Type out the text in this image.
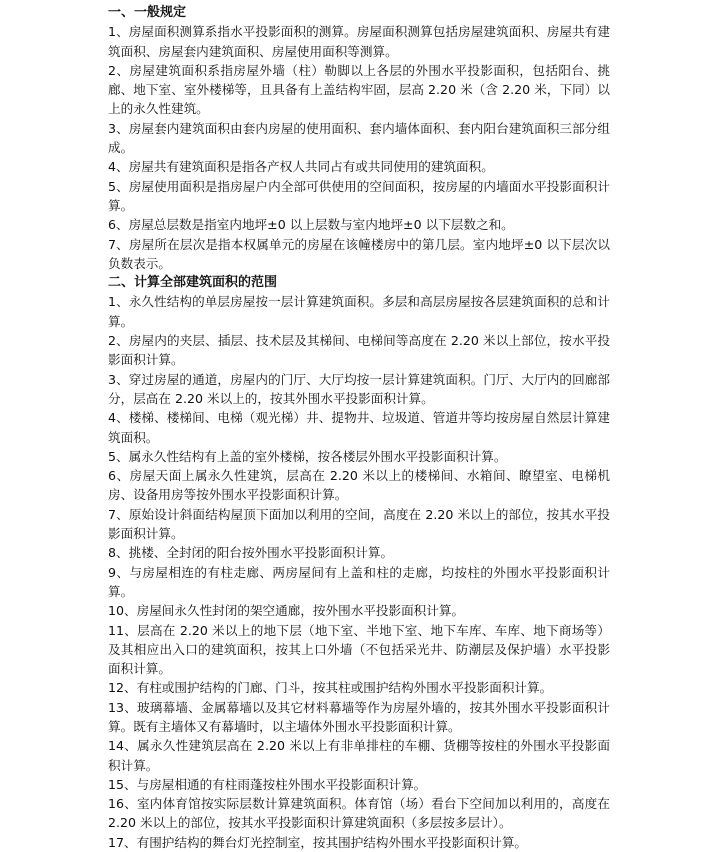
一、一般规定

1、房屋面积测算系指水平投影面积的测算。房屋面积测算包括房屋建筑面积、房屋共有建筑面积、房屋套内建筑面积、房屋使用面积等测算。

2、房屋建筑面积系指房屋外墙（柱）勒脚以上各层的外围水平投影面积，包括阳台、挑廊、地下室、室外楼梯等，且具备有上盖结构牢固，层高 2.20 米（含 2.20 米，下同）以上的永久性建筑。

3、房屋套内建筑面积由套内房屋的使用面积、套内墙体面积、套内阳台建筑面积三部分组成。

4、房屋共有建筑面积是指各产权人共同占有或共同使用的建筑面积。

5、房屋使用面积是指房屋户内全部可供使用的空间面积，按房屋的内墙面水平投影面积计算。

6、房屋总层数是指室内地坪±0 以上层数与室内地坪±0 以下层数之和。

7、房屋所在层次是指本权属单元的房屋在该幢楼房中的第几层。室内地坪±0 以下层次以负数表示。

二、计算全部建筑面积的范围

1、永久性结构的单层房屋按一层计算建筑面积。多层和高层房屋按各层建筑面积的总和计算。

2、房屋内的夹层、插层、技术层及其梯间、电梯间等高度在 2.20 米以上部位，按水平投影面积计算。

3、穿过房屋的通道，房屋内的门厅、大厅均按一层计算建筑面积。门厅、大厅内的回廊部分，层高在 2.20 米以上的，按其外围水平投影面积计算。

4、楼梯、楼梯间、电梯（观光梯）井、提物井、垃圾道、管道井等均按房屋自然层计算建筑面积。

5、属永久性结构有上盖的室外楼梯，按各楼层外围水平投影面积计算。

6、房屋天面上属永久性建筑，层高在 2.20 米以上的楼梯间、水箱间、瞭望室、电梯机房、设备用房等按外围水平投影面积计算。

7、原始设计斜面结构屋顶下面加以利用的空间，高度在 2.20 米以上的部位，按其水平投影面积计算。

8、挑楼、全封闭的阳台按外围水平投影面积计算。

9、与房屋相连的有柱走廊、两房屋间有上盖和柱的走廊，均按柱的外围水平投影面积计算。

10、房屋间永久性封闭的架空通廊，按外围水平投影面积计算。

11、层高在 2.20 米以上的地下层（地下室、半地下室、地下车库、车库、地下商场等）及其相应出入口的建筑面积，按其上口外墙（不包括采光井、防潮层及保护墙）水平投影面积计算。

12、有柱或围护结构的门廊、门斗，按其柱或围护结构外围水平投影面积计算。

13、玻璃幕墙、金属幕墙以及其它材料幕墙等作为房屋外墙的，按其外围水平投影面积计算。既有主墙体又有幕墙时，以主墙体外围水平投影面积计算。

14、属永久性建筑层高在 2.20 米以上有非单排柱的车棚、货棚等按柱的外围水平投影面积计算。

15、与房屋相通的有柱雨蓬按柱外围水平投影面积计算。

16、室内体育馆按实际层数计算建筑面积。体育馆（场）看台下空间加以利用的，高度在 2.20 米以上的部位，按其水平投影面积计算建筑面积（多层按多层计）。

17、有围护结构的舞台灯光控制室，按其围护结构外围水平投影面积计算。
